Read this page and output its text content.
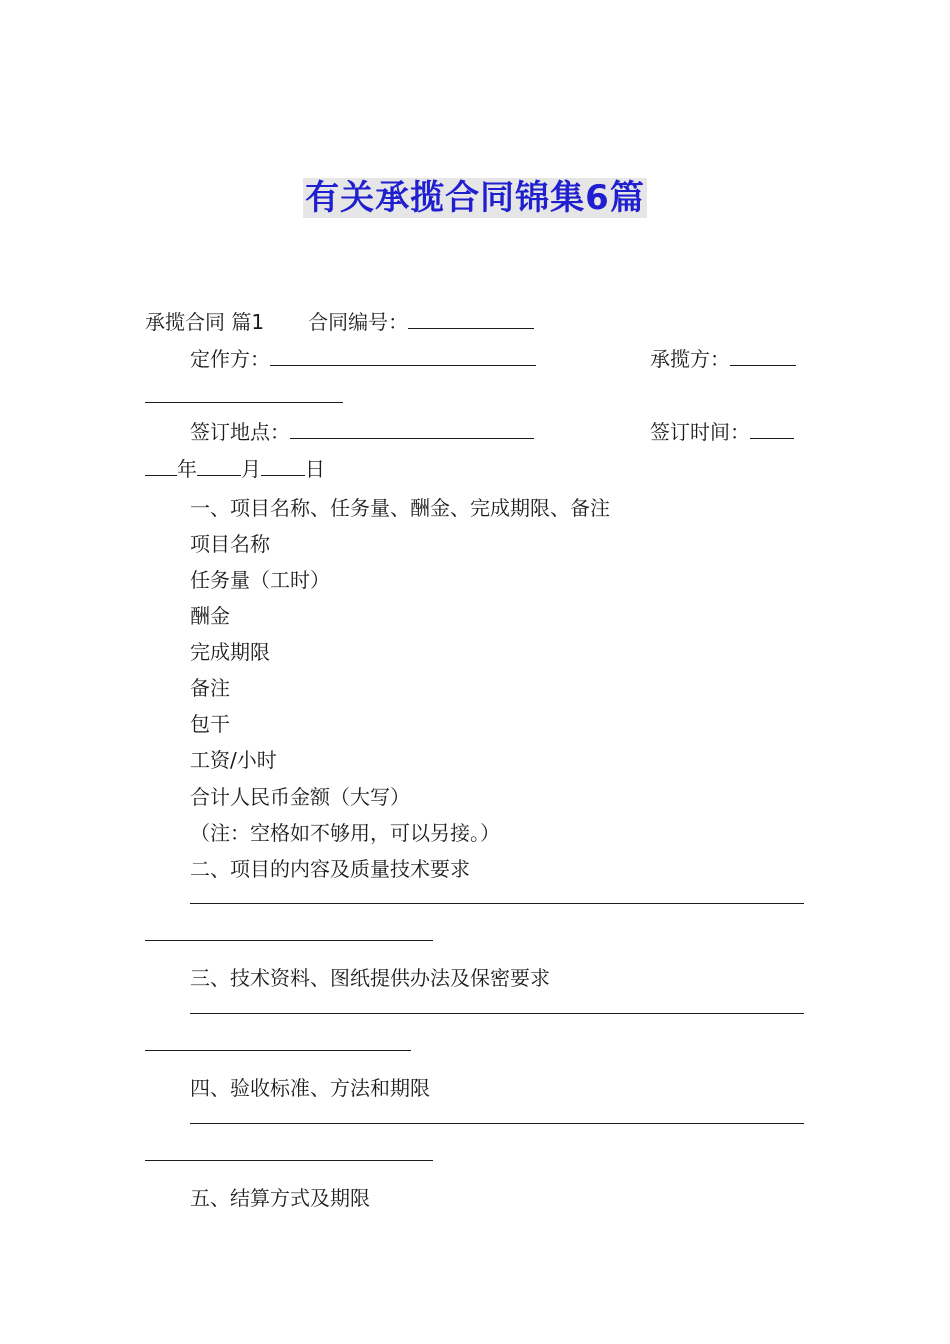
有关承揽合同锦集6篇
承揽合同 篇1 合同编号：
定作方：	承揽方：
签订地点：	签订时间：
年 月 日
一、项目名称、任务量、酬金、完成期限、备注
项目名称
任务量（工时）
酬金
完成期限
备注
包干
工资/小时
合计人民币金额（大写）
（注：空格如不够用，可以另接。）
二、项目的内容及质量技术要求
三、技术资料、图纸提供办法及保密要求
四、验收标准、方法和期限
五、结算方式及期限
